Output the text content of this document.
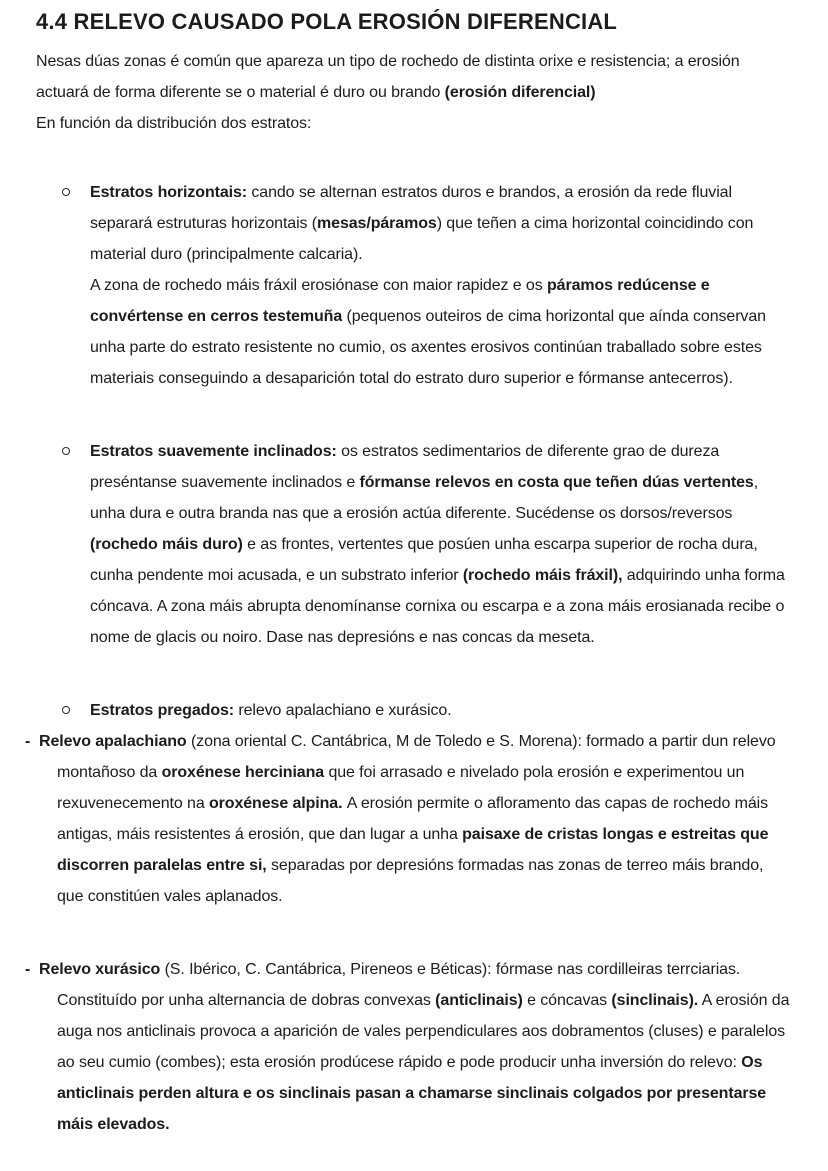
4.4 RELEVO CAUSADO POLA EROSIÓN DIFERENCIAL

Nesas dúas zonas é común que apareza un tipo de rochedo de distinta orixe e resistencia; a erosión actuará de forma diferente se o material é duro ou brando (erosión diferencial)

En función da distribución dos estratos:

Estratos horizontais: cando se alternan estratos duros e brandos, a erosión da rede fluvial separará estruturas horizontais (mesas/páramos) que teñen a cima horizontal coincidindo con material duro (principalmente calcaria).
A zona de rochedo máis fráxil erosiónase con maior rapidez e os páramos redúcense e convértense en cerros testemuña (pequenos outeiros de cima horizontal que aínda conservan unha parte do estrato resistente no cumio, os axentes erosivos continúan traballado sobre estes materiais conseguindo a desaparición total do estrato duro superior e fórmanse antecerros).
Estratos suavemente inclinados: os estratos sedimentarios de diferente grao de dureza preséntanse suavemente inclinados e fórmanse relevos en costa que teñen dúas vertentes, unha dura e outra branda nas que a erosión actúa diferente. Sucédense os dorsos/reversos (rochedo máis duro) e as frontes, vertentes que posúen unha escarpa superior de rocha dura, cunha pendente moi acusada, e un substrato inferior (rochedo máis fráxil), adquirindo unha forma cóncava. A zona máis abrupta denomínanse cornixa ou escarpa e a zona máis erosianada recibe o nome de glacis ou noiro. Dase nas depresións e nas concas da meseta.
Estratos pregados: relevo apalachiano e xurásico.
- Relevo apalachiano (zona oriental C. Cantábrica, M de Toledo e S. Morena): formado a partir dun relevo montañoso da oroxénese herciniana que foi arrasado e nivelado pola erosión e experimentou un rexuvenecemento na oroxénese alpina. A erosión permite o afloramento das capas de rochedo máis antigas, máis resistentes á erosión, que dan lugar a unha paisaxe de cristas longas e estreitas que discorren paralelas entre si, separadas por depresións formadas nas zonas de terreo máis brando, que constitúen vales aplanados.
- Relevo xurásico (S. Ibérico, C. Cantábrica, Pireneos e Béticas): fórmase nas cordilleiras terrciarias. Constituído por unha alternancia de dobras convexas (anticlinais) e cóncavas (sinclinais). A erosión da auga nos anticlinais provoca a aparición de vales perpendiculares aos dobramentos (cluses) e paralelos ao seu cumio (combes); esta erosión prodúcese rápido e pode producir unha inversión do relevo: Os anticlinais perden altura e os sinclinais pasan a chamarse sinclinais colgados por presentarse máis elevados.
